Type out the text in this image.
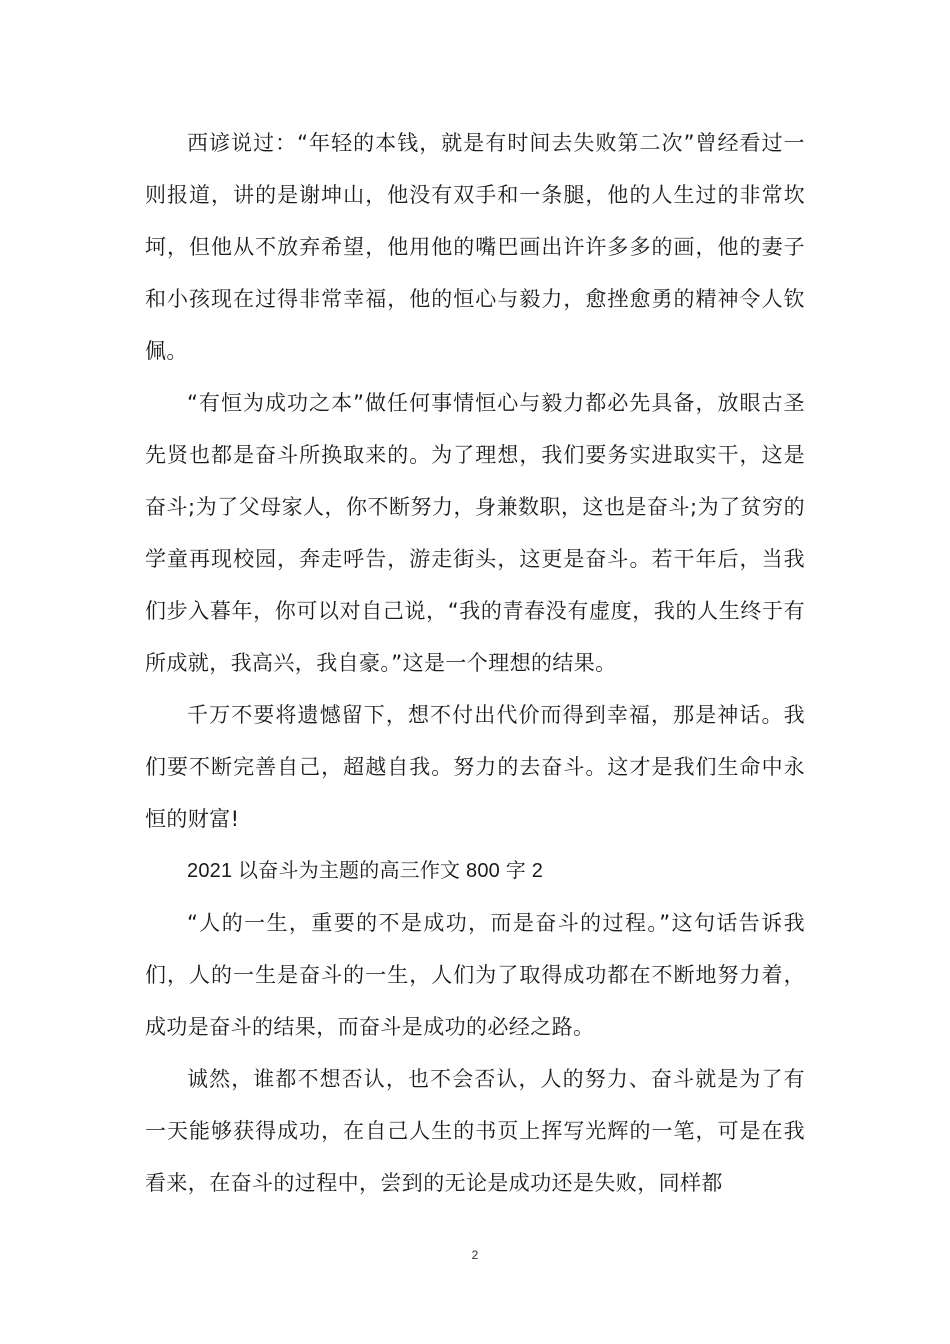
西谚说过：“年轻的本钱，就是有时间去失败第二次”曾经看过一则报道，讲的是谢坤山，他没有双手和一条腿，他的人生过的非常坎坷，但他从不放弃希望，他用他的嘴巴画出许许多多的画，他的妻子和小孩现在过得非常幸福，他的恒心与毅力，愈挫愈勇的精神令人钦佩。

“有恒为成功之本”做任何事情恒心与毅力都必先具备，放眼古圣先贤也都是奋斗所换取来的。为了理想，我们要务实进取实干，这是奋斗;为了父母家人，你不断努力，身兼数职，这也是奋斗;为了贫穷的学童再现校园，奔走呼告，游走街头，这更是奋斗。若干年后，当我们步入暮年，你可以对自己说，“我的青春没有虚度，我的人生终于有所成就，我高兴，我自豪。”这是一个理想的结果。

千万不要将遗憾留下，想不付出代价而得到幸福，那是神话。我们要不断完善自己，超越自我。努力的去奋斗。这才是我们生命中永恒的财富!

2021 以奋斗为主题的高三作文 800 字 2

“人的一生，重要的不是成功，而是奋斗的过程。”这句话告诉我们，人的一生是奋斗的一生，人们为了取得成功都在不断地努力着，成功是奋斗的结果，而奋斗是成功的必经之路。

诚然，谁都不想否认，也不会否认，人的努力、奋斗就是为了有一天能够获得成功，在自己人生的书页上挥写光辉的一笔，可是在我看来，在奋斗的过程中，尝到的无论是成功还是失败，同样都

2
